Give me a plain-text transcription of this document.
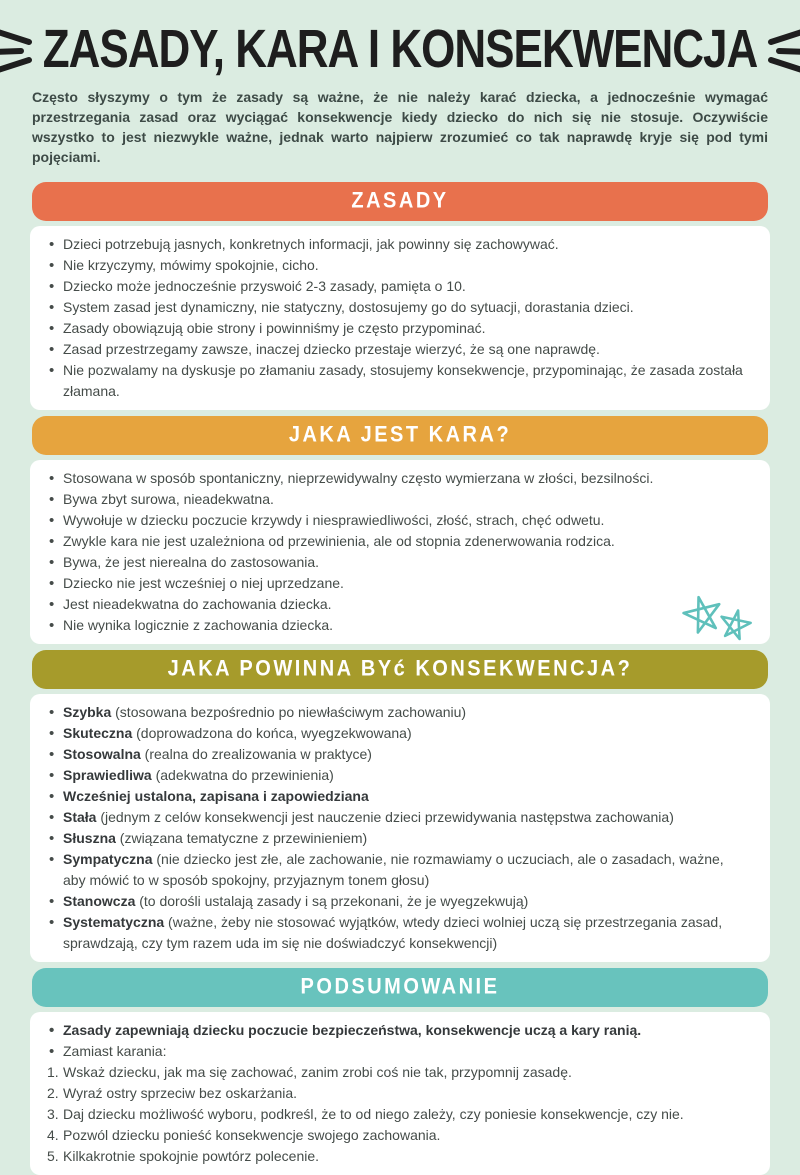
ZASADY, KARA I KONSEKWENCJA

Często słyszymy o tym że zasady są ważne, że nie należy karać dziecka, a jednocześnie wymagać przestrzegania zasad oraz wyciągać konsekwencje kiedy dziecko do nich się nie stosuje. Oczywiście wszystko to jest niezwykle ważne, jednak warto najpierw zrozumieć co tak naprawdę kryje się pod tymi pojęciami.

ZASADY
• Dzieci potrzebują jasnych, konkretnych informacji, jak powinny się zachowywać.
• Nie krzyczymy, mówimy spokojnie, cicho.
• Dziecko może jednocześnie przyswoić 2-3 zasady, pamięta o 10.
• System zasad jest dynamiczny, nie statyczny, dostosujemy go do sytuacji, dorastania dzieci.
• Zasady obowiązują obie strony i powinniśmy je często przypominać.
• Zasad przestrzegamy zawsze, inaczej dziecko przestaje wierzyć, że są one naprawdę.
• Nie pozwalamy na dyskusje po złamaniu zasady, stosujemy konsekwencje, przypominając, że zasada została złamana.
JAKA JEST KARA?
• Stosowana w sposób spontaniczny, nieprzewidywalny często wymierzana w złości, bezsilności.
• Bywa zbyt surowa, nieadekwatna.
• Wywołuje w dziecku poczucie krzywdy i niesprawiedliwości, złość, strach, chęć odwetu.
• Zwykle kara nie jest uzależniona od przewinienia, ale od stopnia zdenerwowania rodzica.
• Bywa, że jest nierealna do zastosowania.
• Dziecko nie jest wcześniej o niej uprzedzane.
• Jest nieadekwatna do zachowania dziecka.
• Nie wynika logicznie z zachowania dziecka.
JAKA POWINNA BYć KONSEKWENCJA?
• Szybka (stosowana bezpośrednio po niewłaściwym zachowaniu)
• Skuteczna (doprowadzona do końca, wyegzekwowana)
• Stosowalna (realna do zrealizowania w praktyce)
• Sprawiedliwa (adekwatna do przewinienia)
• Wcześniej ustalona, zapisana i zapowiedziana
• Stała (jednym z celów konsekwencji jest nauczenie dzieci przewidywania następstwa zachowania)
• Słuszna (związana tematyczne z przewinieniem)
• Sympatyczna (nie dziecko jest złe, ale zachowanie, nie rozmawiamy o uczuciach, ale o zasadach, ważne, aby mówić to w sposób spokojny, przyjaznym tonem głosu)
• Stanowcza (to dorośli ustalają zasady i są przekonani, że je wyegzekwują)
• Systematyczna (ważne, żeby nie stosować wyjątków, wtedy dzieci wolniej uczą się przestrzegania zasad, sprawdzają, czy tym razem uda im się nie doświadczyć konsekwencji)
PODSUMOWANIE
• Zasady zapewniają dziecku poczucie bezpieczeństwa, konsekwencje uczą a kary ranią.
• Zamiast karania:
Wskaż dziecku, jak ma się zachować, zanim zrobi coś nie tak, przypomnij zasadę.
Wyraź ostry sprzeciw bez oskarżania.
Daj dziecku możliwość wyboru, podkreśl, że to od niego zależy, czy poniesie konsekwencje, czy nie.
Pozwól dziecku ponieść konsekwencje swojego zachowania.
Kilkakrotnie spokojnie powtórz polecenie.
